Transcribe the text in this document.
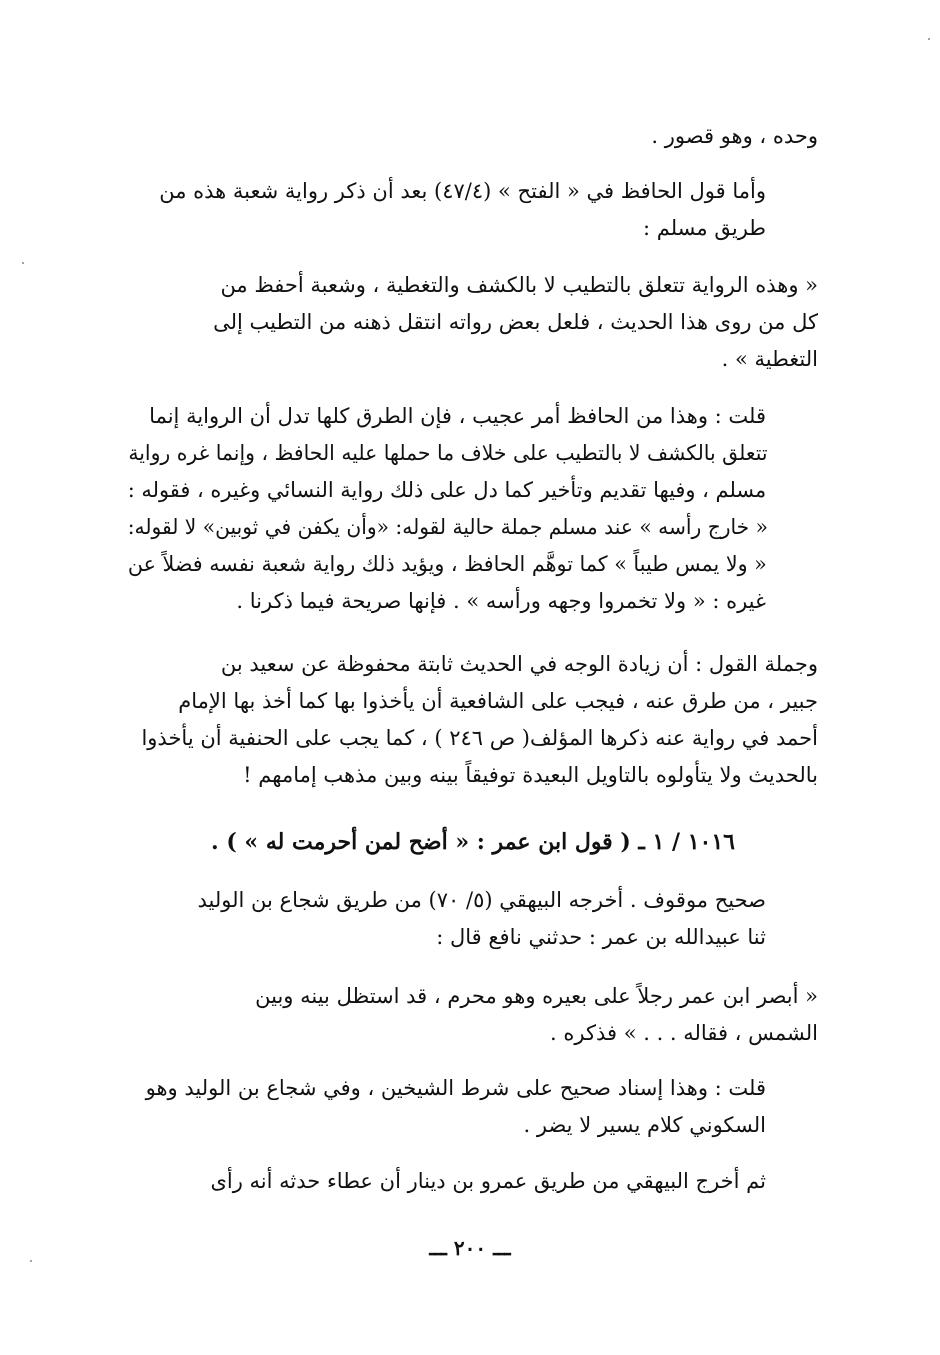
وحده ، وهو قصور .
وأما قول الحافظ في « الفتح » (٤٧/٤) بعد أن ذكر رواية شعبة هذه من
طريق مسلم :
« وهذه الرواية تتعلق بالتطيب لا بالكشف والتغطية ، وشعبة أحفظ من
كل من روى هذا الحديث ، فلعل بعض رواته انتقل ذهنه من التطيب إلى
التغطية » .
قلت : وهذا من الحافظ أمر عجيب ، فإن الطرق كلها تدل أن الرواية إنما
تتعلق بالكشف لا بالتطيب على خلاف ما حملها عليه الحافظ ، وإنما غره رواية
مسلم ، وفيها تقديم وتأخير كما دل على ذلك رواية النسائي وغيره ، فقوله :
« خارج رأسه » عند مسلم جملة حالية لقوله: «وأن يكفن في ثوبين» لا لقوله:
« ولا يمس طيباً » كما توهَّم الحافظ ، ويؤيد ذلك رواية شعبة نفسه فضلاً عن
غيره : « ولا تخمروا وجهه ورأسه » . فإنها صريحة فيما ذكرنا .
وجملة القول : أن زيادة الوجه في الحديث ثابتة محفوظة عن سعيد بن
جبير ، من طرق عنه ، فيجب على الشافعية أن يأخذوا بها كما أخذ بها الإمام
أحمد في رواية عنه ذكرها المؤلف( ص ٢٤٦ ) ، كما يجب على الحنفية أن يأخذوا
بالحديث ولا يتأولوه بالتاويل البعيدة توفيقاً بينه وبين مذهب إمامهم !
١٠١٦ / ١ ـ ( قول ابن عمر : « أضح لمن أحرمت له » ) .
صحيح موقوف . أخرجه البيهقي (٥/ ٧٠) من طريق شجاع بن الوليد
ثنا عبيدالله بن عمر : حدثني نافع قال :
« أبصر ابن عمر رجلاً على بعيره وهو محرم ، قد استظل بينه وبين
الشمس ، فقاله . . . » فذكره .
قلت : وهذا إسناد صحيح على شرط الشيخين ، وفي شجاع بن الوليد وهو
السكوني كلام يسير لا يضر .
ثم أخرج البيهقي من طريق عمرو بن دينار أن عطاء حدثه أنه رأى
ـــ ٢٠٠ ـــ
